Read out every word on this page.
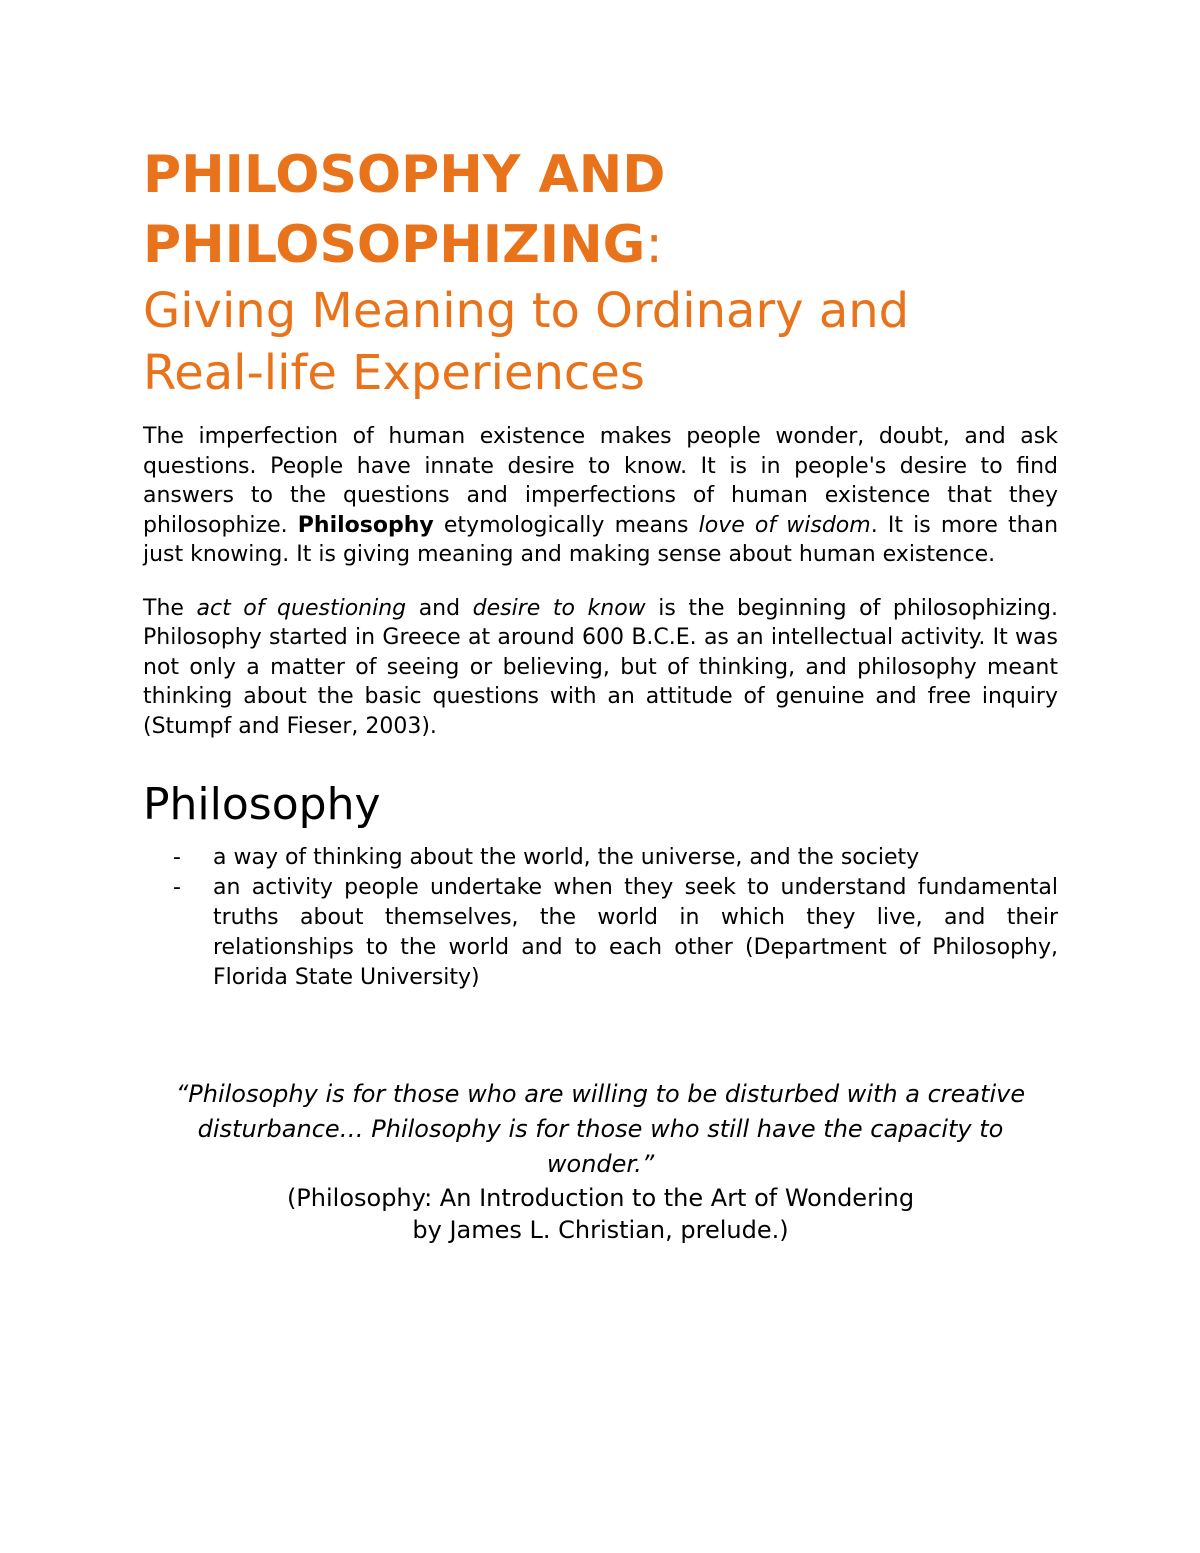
PHILOSOPHY AND
PHILOSOPHIZING:
Giving Meaning to Ordinary and
Real-life Experiences

The imperfection of human existence makes people wonder, doubt, and ask questions. People have innate desire to know. It is in people's desire to find answers to the questions and imperfections of human existence that they philosophize. Philosophy etymologically means love of wisdom. It is more than just knowing. It is giving meaning and making sense about human existence.

The act of questioning and desire to know is the beginning of philosophizing. Philosophy started in Greece at around 600 B.C.E. as an intellectual activity. It was not only a matter of seeing or believing, but of thinking, and philosophy meant thinking about the basic questions with an attitude of genuine and free inquiry (Stumpf and Fieser, 2003).

Philosophy
- a way of thinking about the world, the universe, and the society
- an activity people undertake when they seek to understand fundamental truths about themselves, the world in which they live, and their relationships to the world and to each other (Department of Philosophy, Florida State University)

“Philosophy is for those who are willing to be disturbed with a creative disturbance… Philosophy is for those who still have the capacity to wonder.”

(Philosophy: An Introduction to the Art of Wondering

by James L. Christian, prelude.)
